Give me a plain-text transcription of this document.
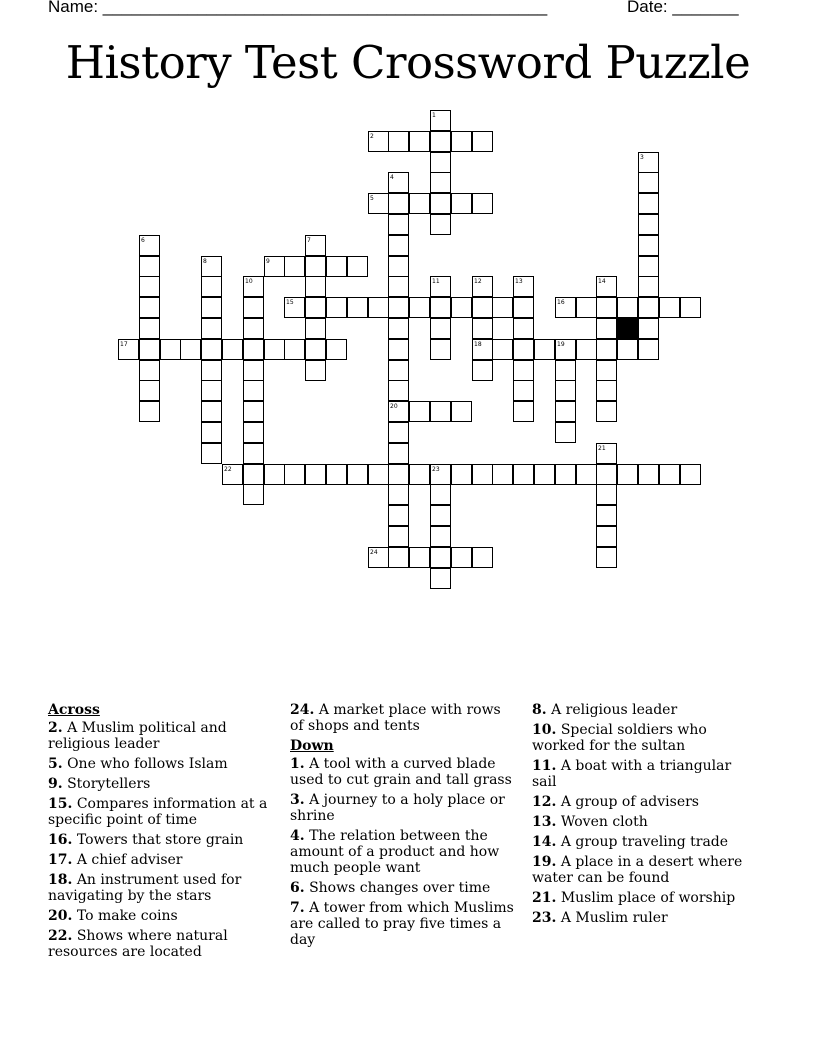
Name: _______________________________________________	Date: _______
History Test Crossword Puzzle
1
2
3
4
20
5
6	7
8	9
10	11	12
18
13	14
15	16
17	19
21
22	23
24
Across
2. A Muslim political and religious leader
5. One who follows Islam
9. Storytellers
15. Compares information at a specific point of time
16. Towers that store grain
17. A chief adviser
18. An instrument used for navigating by the stars
20. To make coins
22. Shows where natural resources are located
24. A market place with rows of shops and tents
Down
1. A tool with a curved blade used to cut grain and tall grass
3. A journey to a holy place or shrine
4. The relation between the amount of a product and how much people want
6. Shows changes over time
7. A tower from which Muslims are called to pray five times a day
8. A religious leader
10. Special soldiers who worked for the sultan
11. A boat with a triangular sail
12. A group of advisers
13. Woven cloth
14. A group traveling trade
19. A place in a desert where water can be found
21. Muslim place of worship
23. A Muslim ruler
